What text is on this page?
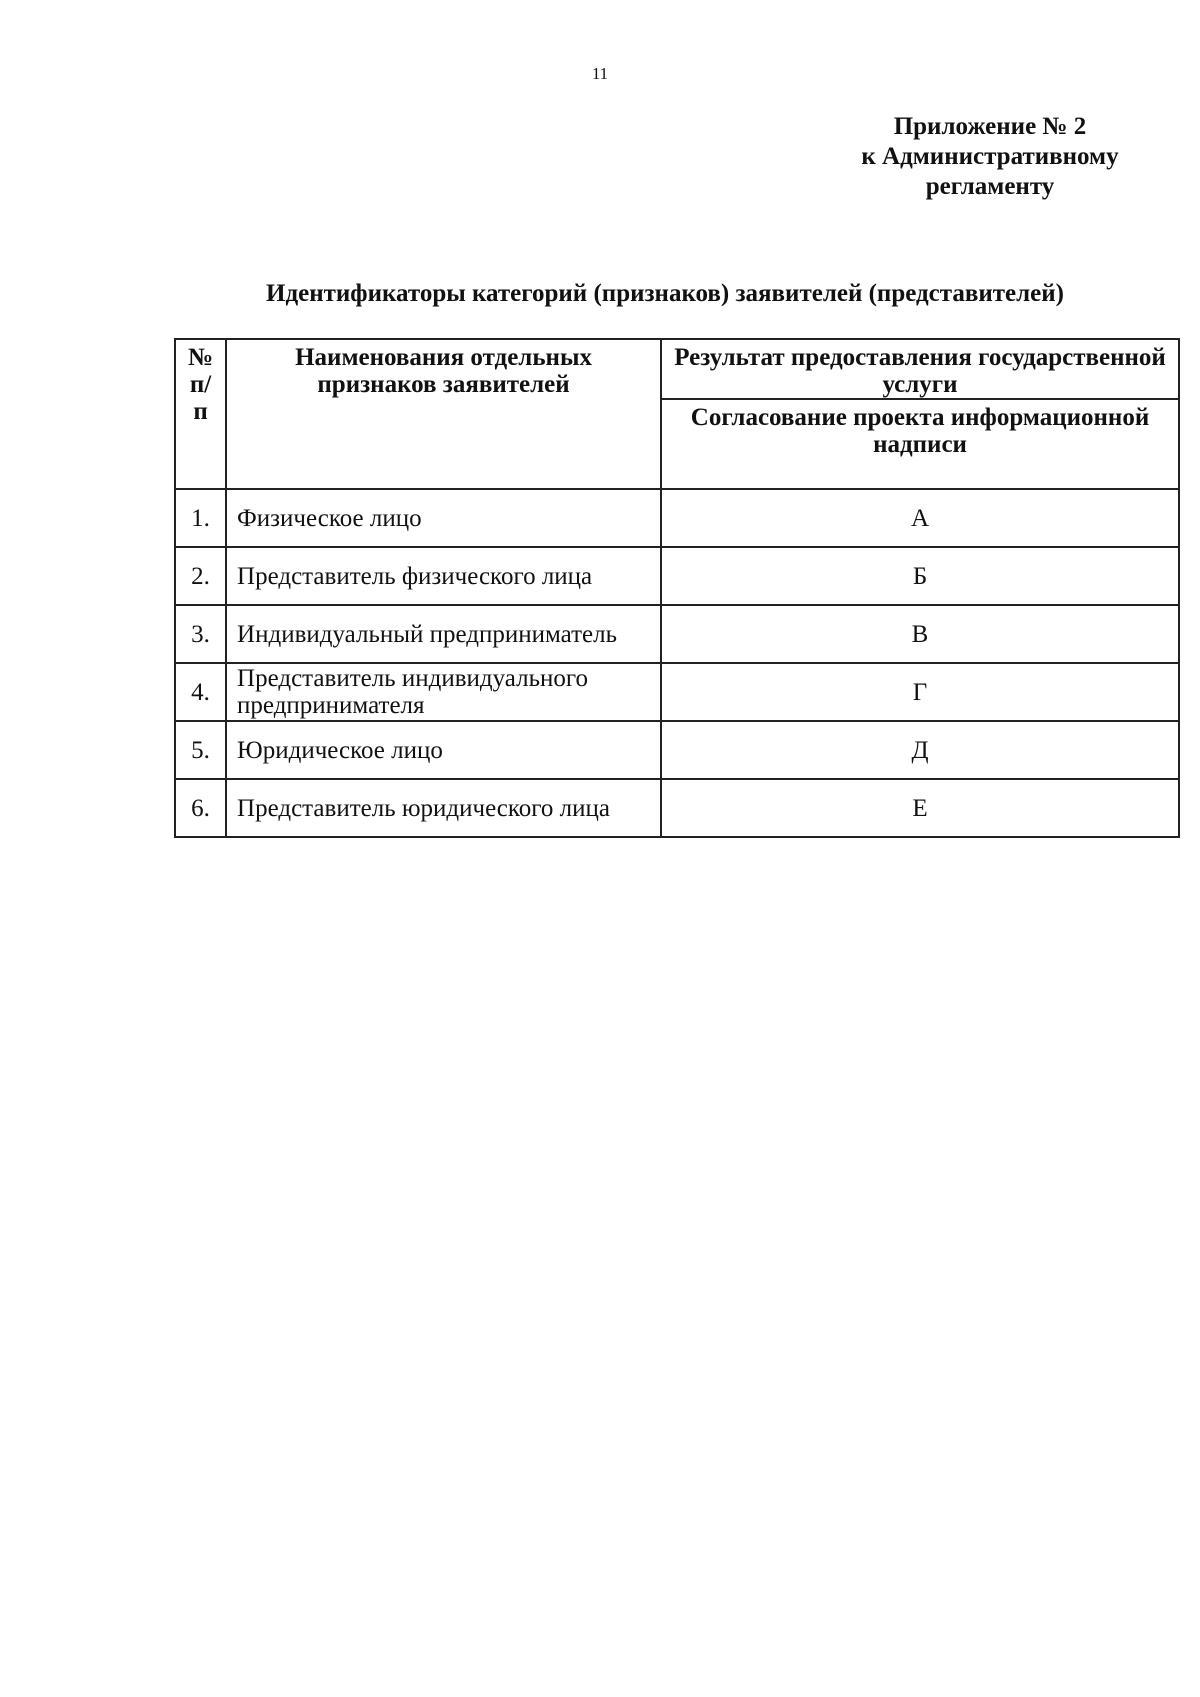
11
Приложение № 2
к Административному
регламенту
Идентификаторы категорий (признаков) заявителей (представителей)
№ п/п	Наименования отдельных признаков заявителей	Результат предоставления государственной услуги
		Согласование проекта информационной надписи
1.	Физическое лицо	А
2.	Представитель физического лица	Б
3.	Индивидуальный предприниматель	В
4.	Представитель индивидуального предпринимателя	Г
5.	Юридическое лицо	Д
6.	Представитель юридического лица	Е
